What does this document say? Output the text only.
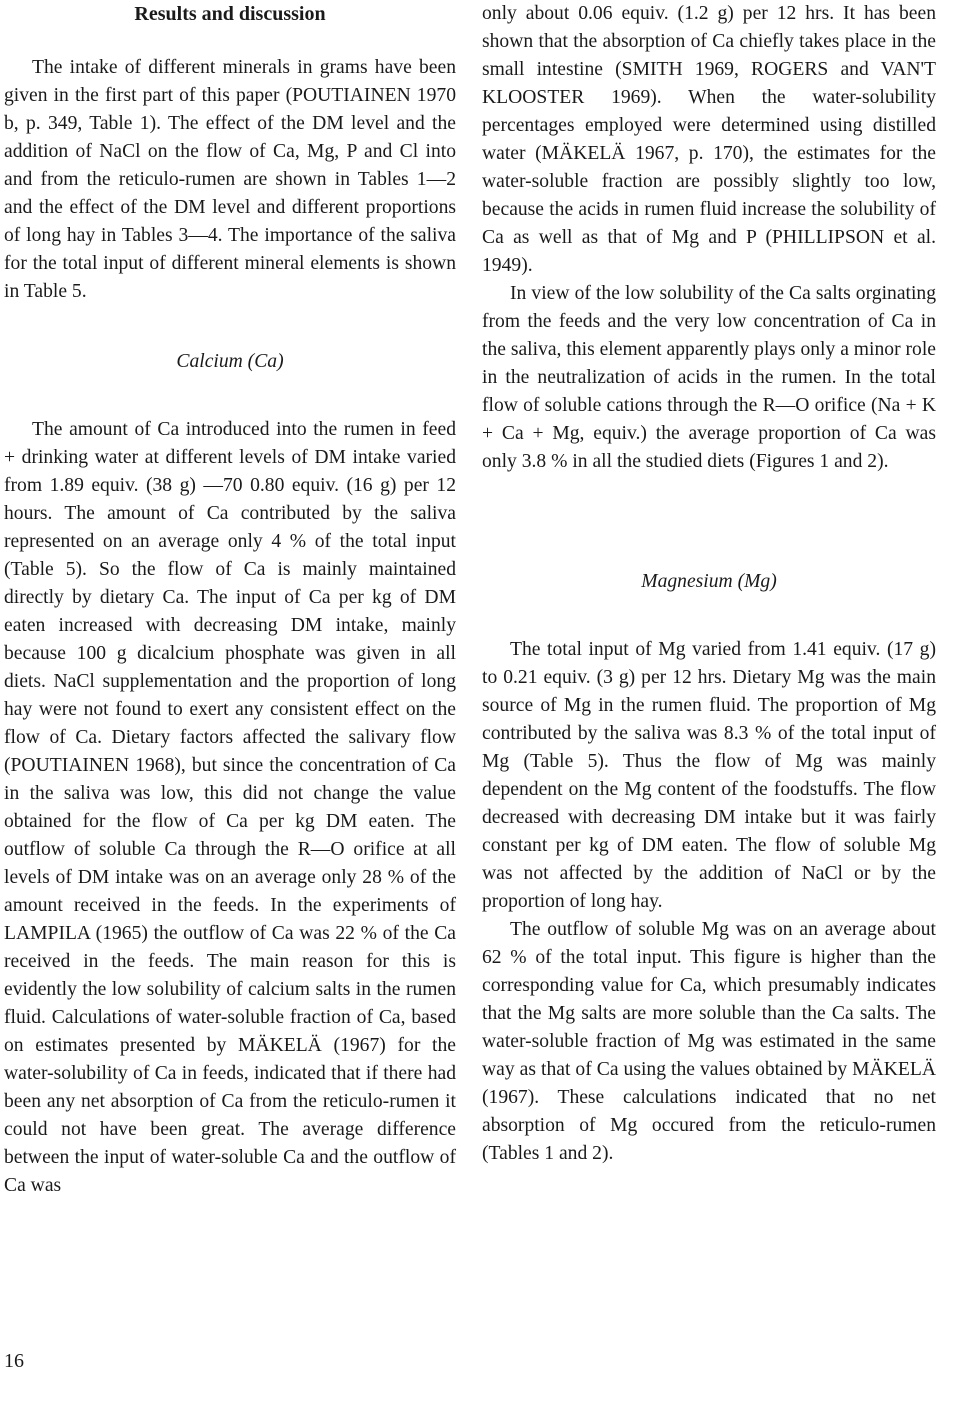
Results and discussion

The intake of different minerals in grams have been given in the first part of this paper (POUTIAINEN 1970 b, p. 349, Table 1). The effect of the DM level and the addition of NaCl on the flow of Ca, Mg, P and Cl into and from the reticulo-rumen are shown in Tables 1—2 and the effect of the DM level and different proportions of long hay in Tables 3—4. The importance of the saliva for the total input of different mineral elements is shown in Table 5.

Calcium (Ca)

The amount of Ca introduced into the rumen in feed + drinking water at different levels of DM intake varied from 1.89 equiv. (38 g) —70 0.80 equiv. (16 g) per 12 hours. The amount of Ca contributed by the saliva represented on an average only 4 % of the total input (Table 5). So the flow of Ca is mainly maintained directly by dietary Ca. The input of Ca per kg of DM eaten increased with decreasing DM intake, mainly because 100 g dicalcium phosphate was given in all diets. NaCl supplementation and the proportion of long hay were not found to exert any consistent effect on the flow of Ca. Dietary factors affected the salivary flow (POUTIAINEN 1968), but since the concentration of Ca in the saliva was low, this did not change the value obtained for the flow of Ca per kg DM eaten. The outflow of soluble Ca through the R—O orifice at all levels of DM intake was on an average only 28 % of the amount received in the feeds. In the experiments of LAMPILA (1965) the outflow of Ca was 22 % of the Ca received in the feeds. The main reason for this is evidently the low solubility of calcium salts in the rumen fluid. Calculations of water-soluble fraction of Ca, based on estimates presented by MÄKELÄ (1967) for the water-solubility of Ca in feeds, indicated that if there had been any net absorption of Ca from the reticulo-rumen it could not have been great. The average difference between the input of water-soluble Ca and the outflow of Ca was

only about 0.06 equiv. (1.2 g) per 12 hrs. It has been shown that the absorption of Ca chiefly takes place in the small intestine (SMITH 1969, ROGERS and VAN'T KLOOSTER 1969). When the water-solubility percentages employed were determined using distilled water (MÄKELÄ 1967, p. 170), the estimates for the water-soluble fraction are possibly slightly too low, because the acids in rumen fluid increase the solubility of Ca as well as that of Mg and P (PHILLIPSON et al. 1949).

In view of the low solubility of the Ca salts orginating from the feeds and the very low concentration of Ca in the saliva, this element apparently plays only a minor role in the neutralization of acids in the rumen. In the total flow of soluble cations through the R—O orifice (Na + K + Ca + Mg, equiv.) the average proportion of Ca was only 3.8 % in all the studied diets (Figures 1 and 2).

Magnesium (Mg)

The total input of Mg varied from 1.41 equiv. (17 g) to 0.21 equiv. (3 g) per 12 hrs. Dietary Mg was the main source of Mg in the rumen fluid. The proportion of Mg contributed by the saliva was 8.3 % of the total input of Mg (Table 5). Thus the flow of Mg was mainly dependent on the Mg content of the foodstuffs. The flow decreased with decreasing DM intake but it was fairly constant per kg of DM eaten. The flow of soluble Mg was not affected by the addition of NaCl or by the proportion of long hay.

The outflow of soluble Mg was on an average about 62 % of the total input. This figure is higher than the corresponding value for Ca, which presumably indicates that the Mg salts are more soluble than the Ca salts. The water-soluble fraction of Mg was estimated in the same way as that of Ca using the values obtained by MÄKELÄ (1967). These calculations indicated that no net absorption of Mg occured from the reticulo-rumen (Tables 1 and 2).

16
